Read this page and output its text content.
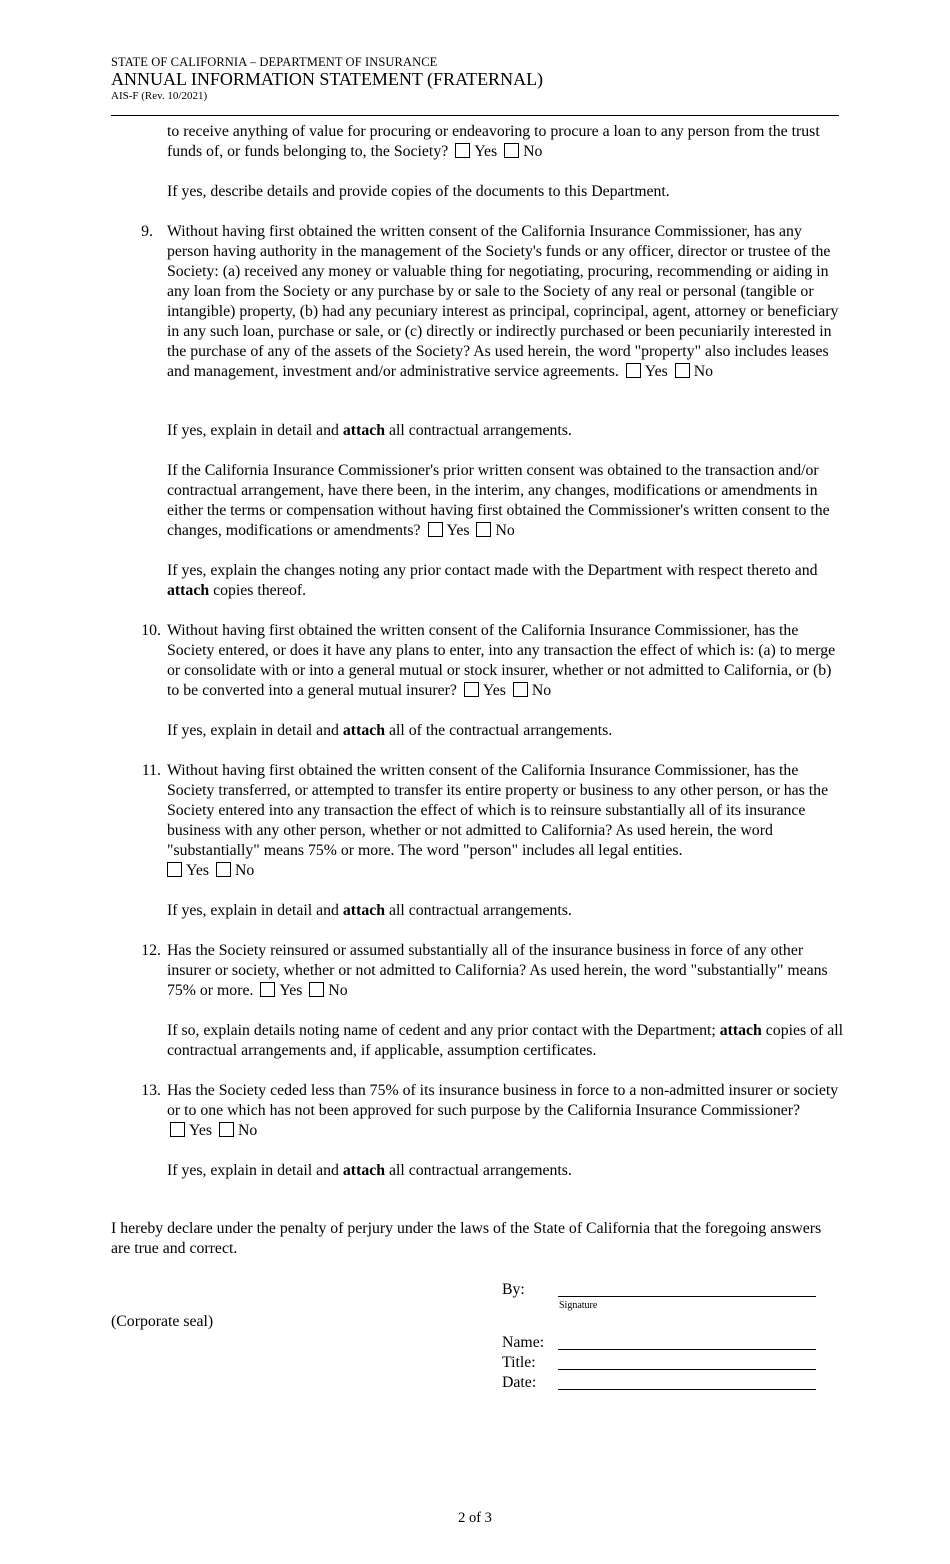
STATE OF CALIFORNIA – DEPARTMENT OF INSURANCE
ANNUAL INFORMATION STATEMENT (FRATERNAL)
AIS-F (Rev. 10/2021)
to receive anything of value for procuring or endeavoring to procure a loan to any person from the trust funds of, or funds belonging to, the Society? Yes No
If yes, describe details and provide copies of the documents to this Department.
9. Without having first obtained the written consent of the California Insurance Commissioner, has any person having authority in the management of the Society's funds or any officer, director or trustee of the Society: (a) received any money or valuable thing for negotiating, procuring, recommending or aiding in any loan from the Society or any purchase by or sale to the Society of any real or personal (tangible or intangible) property, (b) had any pecuniary interest as principal, coprincipal, agent, attorney or beneficiary in any such loan, purchase or sale, or (c) directly or indirectly purchased or been pecuniarily interested in the purchase of any of the assets of the Society? As used herein, the word "property" also includes leases and management, investment and/or administrative service agreements. Yes No
If yes, explain in detail and attach all contractual arrangements.
If the California Insurance Commissioner's prior written consent was obtained to the transaction and/or contractual arrangement, have there been, in the interim, any changes, modifications or amendments in either the terms or compensation without having first obtained the Commissioner's written consent to the changes, modifications or amendments? Yes No
If yes, explain the changes noting any prior contact made with the Department with respect thereto and attach copies thereof.
10. Without having first obtained the written consent of the California Insurance Commissioner, has the Society entered, or does it have any plans to enter, into any transaction the effect of which is: (a) to merge or consolidate with or into a general mutual or stock insurer, whether or not admitted to California, or (b) to be converted into a general mutual insurer? Yes No
If yes, explain in detail and attach all of the contractual arrangements.
11. Without having first obtained the written consent of the California Insurance Commissioner, has the Society transferred, or attempted to transfer its entire property or business to any other person, or has the Society entered into any transaction the effect of which is to reinsure substantially all of its insurance business with any other person, whether or not admitted to California? As used herein, the word "substantially" means 75% or more. The word "person" includes all legal entities.
Yes No
If yes, explain in detail and attach all contractual arrangements.
12. Has the Society reinsured or assumed substantially all of the insurance business in force of any other insurer or society, whether or not admitted to California? As used herein, the word "substantially" means 75% or more. Yes No
If so, explain details noting name of cedent and any prior contact with the Department; attach copies of all contractual arrangements and, if applicable, assumption certificates.
13. Has the Society ceded less than 75% of its insurance business in force to a non-admitted insurer or society or to one which has not been approved for such purpose by the California Insurance Commissioner? Yes No
If yes, explain in detail and attach all contractual arrangements.
I hereby declare under the penalty of perjury under the laws of the State of California that the foregoing answers are true and correct.
By:
Signature
(Corporate seal)
Name:
Title:
Date:
2 of 3
